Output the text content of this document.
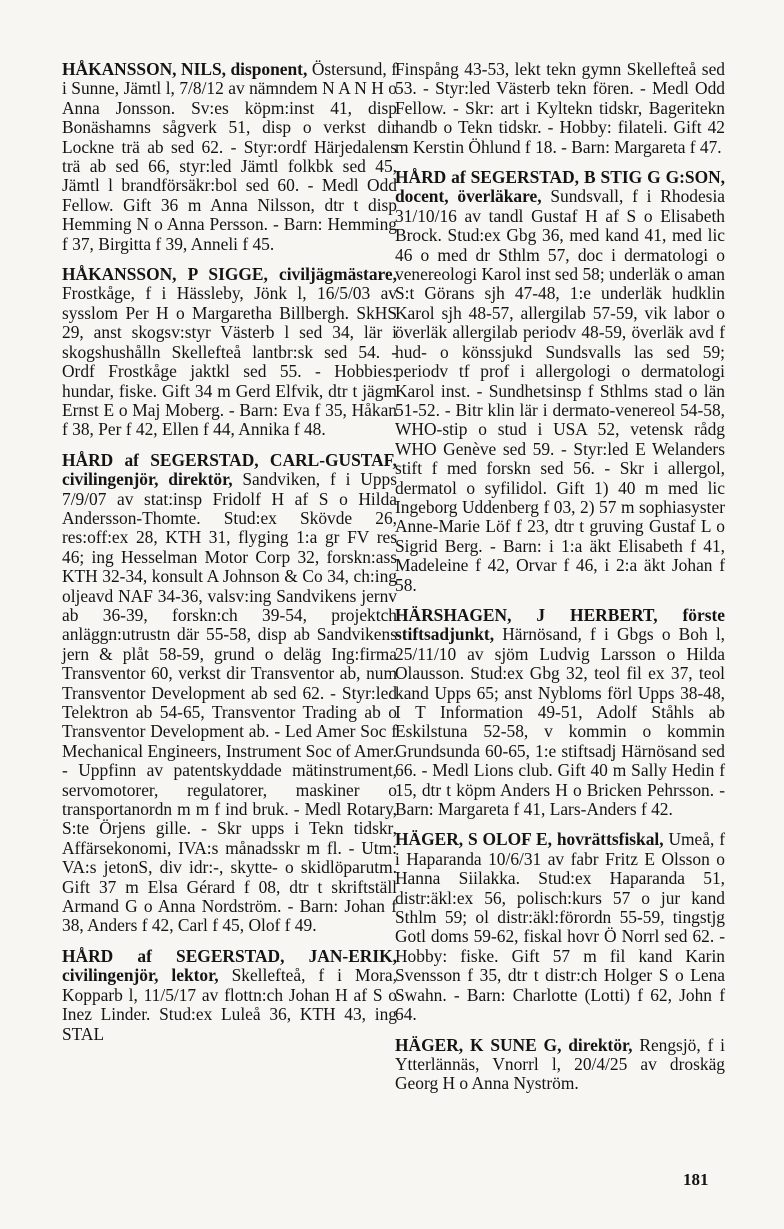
HÅKANSSON, NILS, disponent, Östersund, f i Sunne, Jämtl l, 7/8/12 av nämndem N A N H o Anna Jonsson. Sv:es köpm:inst 41, disp Bonäshamns sågverk 51, disp o verkst dir Lockne trä ab sed 62. - Styr:ordf Härjedalens trä ab sed 66, styr:led Jämtl folkbk sed 45, Jämtl l brandförsäkr:bol sed 60. - Medl Odd Fellow. Gift 36 m Anna Nilsson, dtr t disp Hemming N o Anna Persson. - Barn: Hemming f 37, Birgitta f 39, Anneli f 45.

HÅKANSSON, P SIGGE, civiljägmästare, Frostkåge, f i Hässleby, Jönk l, 16/5/03 av sysslom Per H o Margaretha Billbergh. SkHS 29, anst skogsv:styr Västerb l sed 34, lär i skogshushålln Skellefteå lantbr:sk sed 54. - Ordf Frostkåge jaktkl sed 55. - Hobbies: hundar, fiske. Gift 34 m Gerd Elfvik, dtr t jägm Ernst E o Maj Moberg. - Barn: Eva f 35, Håkan f 38, Per f 42, Ellen f 44, Annika f 48.

HÅRD af SEGERSTAD, CARL-GUSTAF, civilingenjör, direktör, Sandviken, f i Upps 7/9/07 av stat:insp Fridolf H af S o Hilda Andersson-Thomte. Stud:ex Skövde 26, res:off:ex 28, KTH 31, flyging 1:a gr FV res 46; ing Hesselman Motor Corp 32, forskn:ass KTH 32-34, konsult A Johnson & Co 34, ch:ing oljeavd NAF 34-36, valsv:ing Sandvikens jernv ab 36-39, forskn:ch 39-54, projektch anläggn:utrustn där 55-58, disp ab Sandvikens jern & plåt 58-59, grund o deläg Ing:firma Transventor 60, verkst dir Transventor ab, num Transventor Development ab sed 62. - Styr:led Telektron ab 54-65, Transventor Trading ab o Transventor Development ab. - Led Amer Soc f Mechanical Engineers, Instrument Soc of Amer. - Uppfinn av patentskyddade mätinstrument, servomotorer, regulatorer, maskiner o transportanordn m m f ind bruk. - Medl Rotary, S:te Örjens gille. - Skr upps i Tekn tidskr, Affärsekonomi, IVA:s månadsskr m fl. - Utm: VA:s jetonS, div idr:-, skytte- o skidlöparutm. Gift 37 m Elsa Gérard f 08, dtr t skriftställ Armand G o Anna Nordström. - Barn: Johan f 38, Anders f 42, Carl f 45, Olof f 49.

HÅRD af SEGERSTAD, JAN-ERIK, civilingenjör, lektor, Skellefteå, f i Mora, Kopparb l, 11/5/17 av flottn:ch Johan H af S o Inez Linder. Stud:ex Luleå 36, KTH 43, ing STAL

Finspång 43-53, lekt tekn gymn Skellefteå sed 53. - Styr:led Västerb tekn fören. - Medl Odd Fellow. - Skr: art i Kyltekn tidskr, Bageritekn handb o Tekn tidskr. - Hobby: filateli. Gift 42 m Kerstin Öhlund f 18. - Barn: Margareta f 47.

HÅRD af SEGERSTAD, B STIG G G:SON, docent, överläkare, Sundsvall, f i Rhodesia 31/10/16 av tandl Gustaf H af S o Elisabeth Brock. Stud:ex Gbg 36, med kand 41, med lic 46 o med dr Sthlm 57, doc i dermatologi o venereologi Karol inst sed 58; underläk o aman S:t Görans sjh 47-48, 1:e underläk hudklin Karol sjh 48-57, allergilab 57-59, vik labor o överläk allergilab periodv 48-59, överläk avd f hud- o könssjukd Sundsvalls las sed 59; periodv tf prof i allergologi o dermatologi Karol inst. - Sundhetsinsp f Sthlms stad o län 51-52. - Bitr klin lär i dermato-venereol 54-58, WHO-stip o stud i USA 52, vetensk rådg WHO Genève sed 59. - Styr:led E Welanders stift f med forskn sed 56. - Skr i allergol, dermatol o syfilidol. Gift 1) 40 m med lic Ingeborg Uddenberg f 03, 2) 57 m sophiasyster Anne-Marie Löf f 23, dtr t gruving Gustaf L o Sigrid Berg. - Barn: i 1:a äkt Elisabeth f 41, Madeleine f 42, Orvar f 46, i 2:a äkt Johan f 58.

HÄRSHAGEN, J HERBERT, förste stiftsadjunkt, Härnösand, f i Gbgs o Boh l, 25/11/10 av sjöm Ludvig Larsson o Hilda Olausson. Stud:ex Gbg 32, teol fil ex 37, teol kand Upps 65; anst Nybloms förl Upps 38-48, I T Information 49-51, Adolf Ståhls ab Eskilstuna 52-58, v kommin o kommin Grundsunda 60-65, 1:e stiftsadj Härnösand sed 66. - Medl Lions club. Gift 40 m Sally Hedin f 15, dtr t köpm Anders H o Bricken Pehrsson. - Barn: Margareta f 41, Lars-Anders f 42.

HÄGER, S OLOF E, hovrättsfiskal, Umeå, f i Haparanda 10/6/31 av fabr Fritz E Olsson o Hanna Siilakka. Stud:ex Haparanda 51, distr:äkl:ex 56, polisch:kurs 57 o jur kand Sthlm 59; ol distr:äkl:förordn 55-59, tingstjg Gotl doms 59-62, fiskal hovr Ö Norrl sed 62. - Hobby: fiske. Gift 57 m fil kand Karin Svensson f 35, dtr t distr:ch Holger S o Lena Swahn. - Barn: Charlotte (Lotti) f 62, John f 64.

HÄGER, K SUNE G, direktör, Rengsjö, f i Ytterlännäs, Vnorrl l, 20/4/25 av droskäg Georg H o Anna Nyström.

181
